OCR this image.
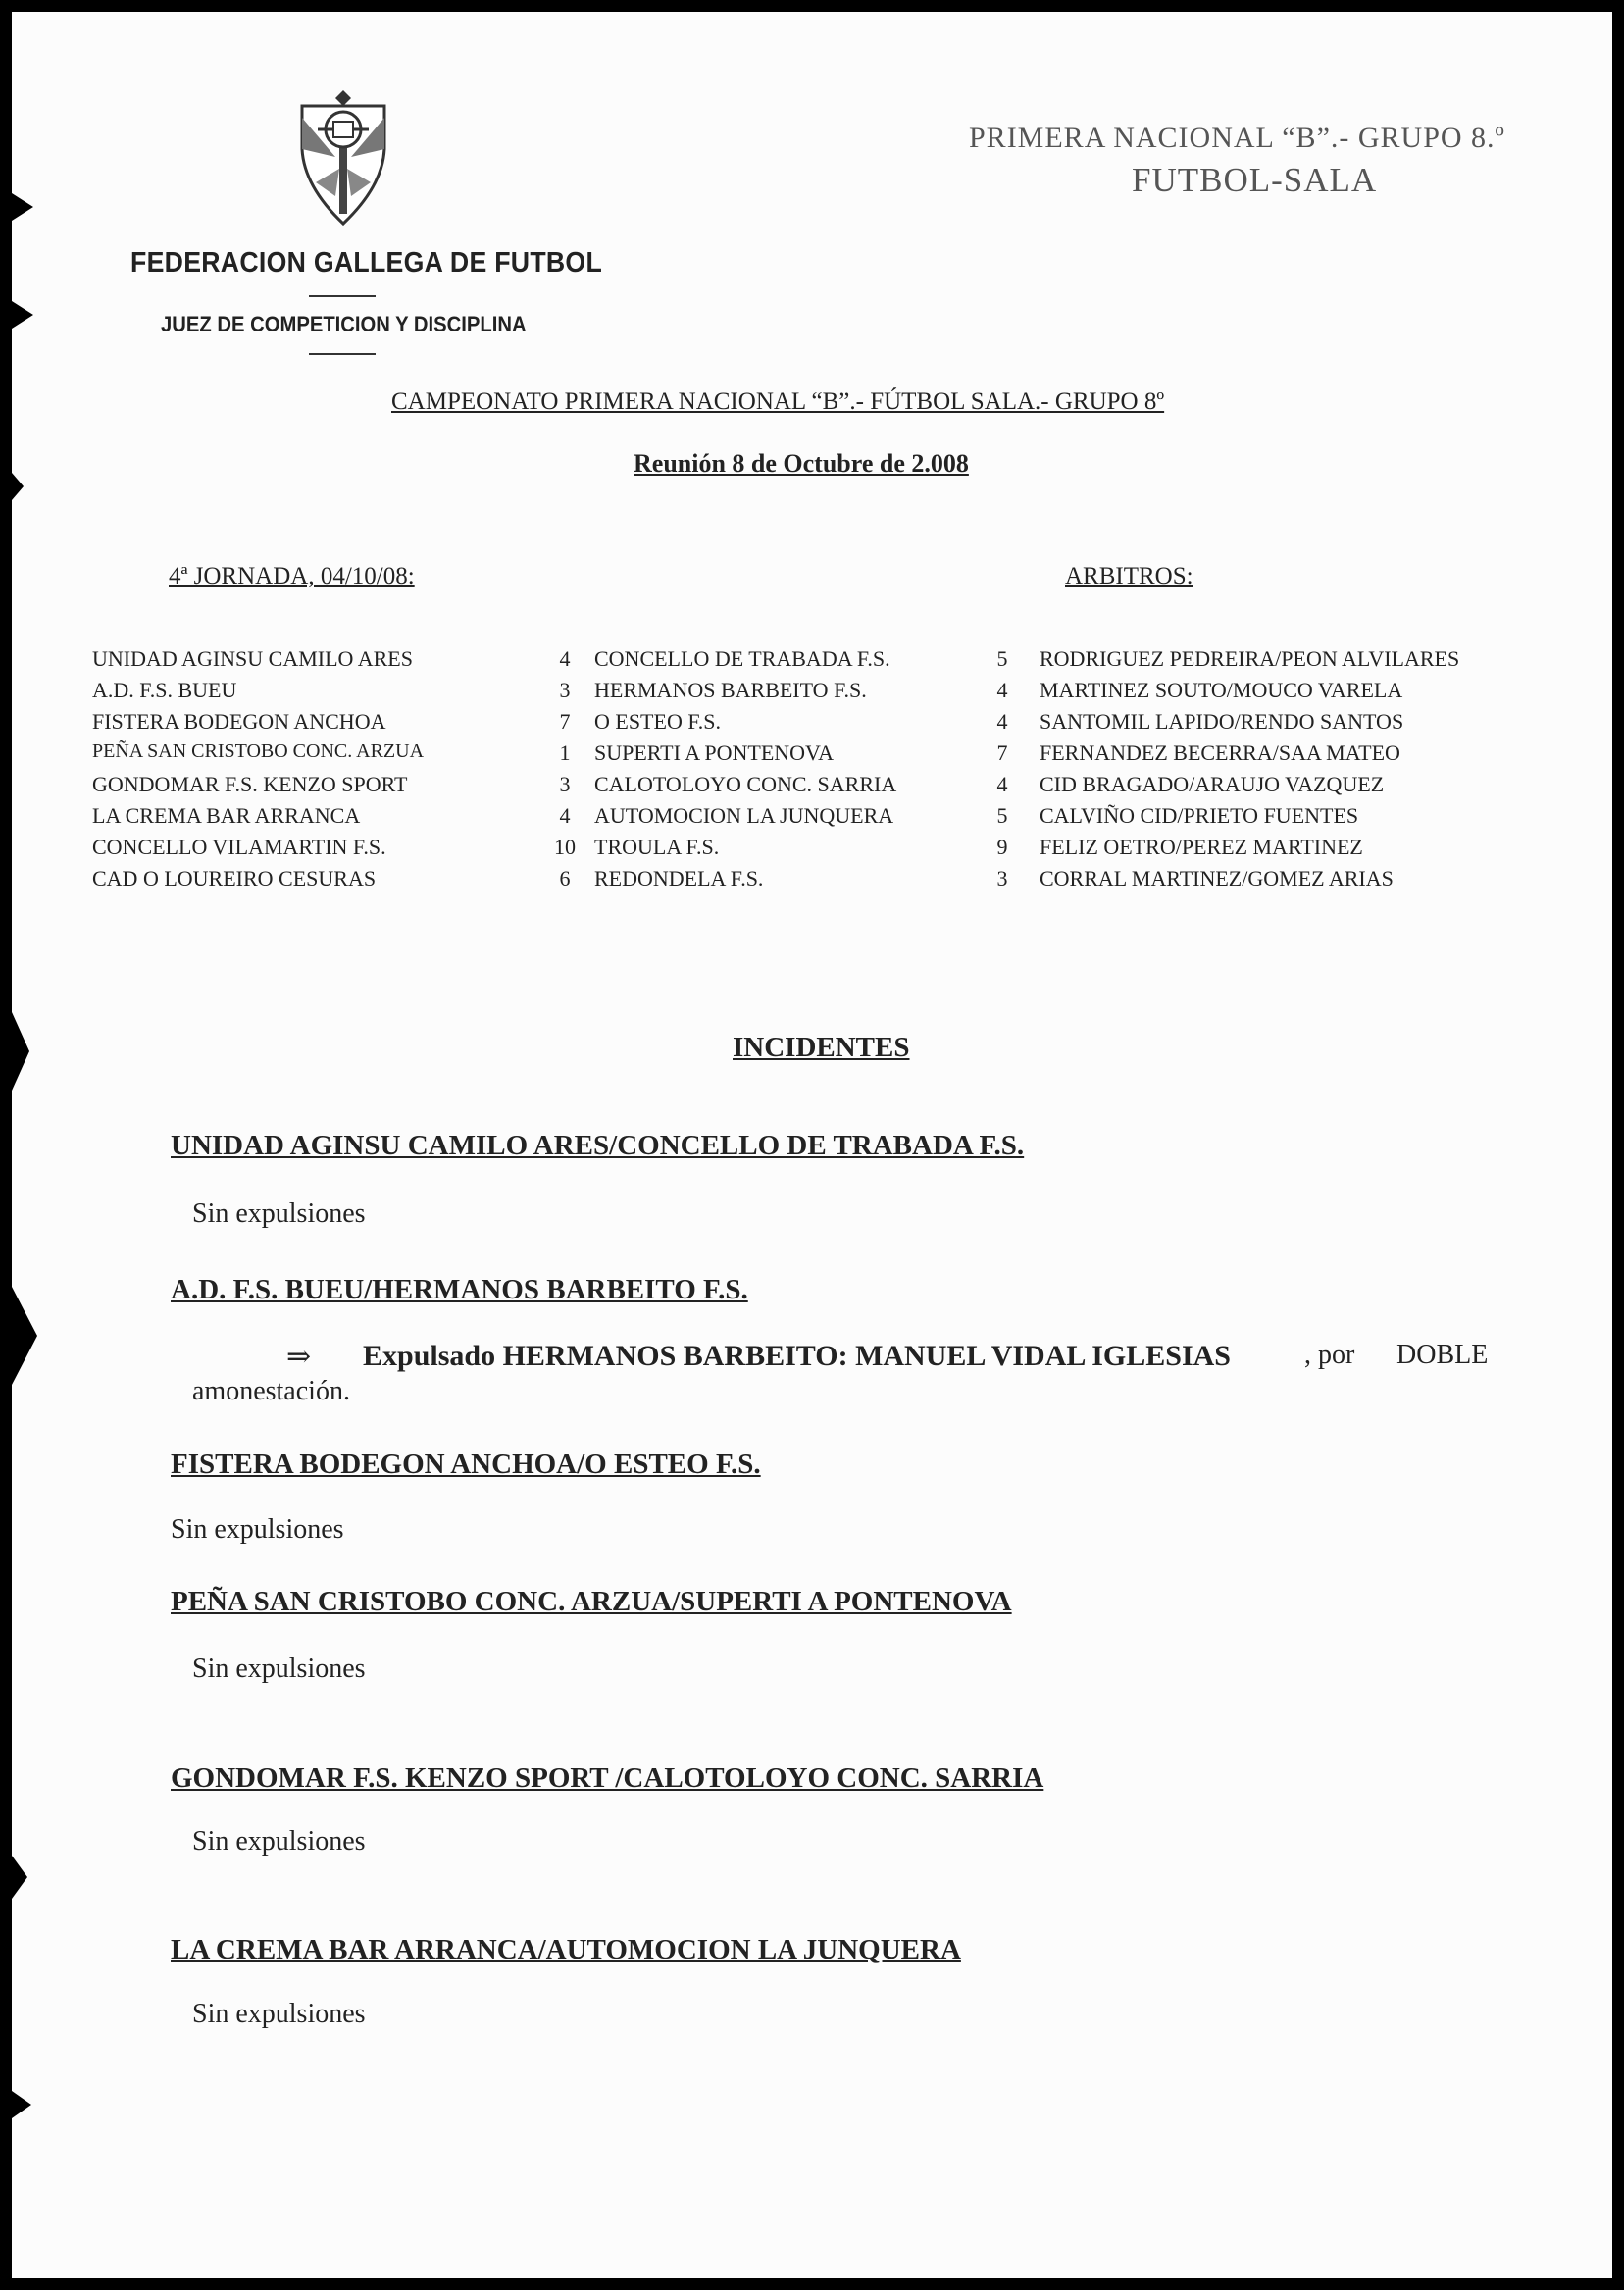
FEDERACION GALLEGA DE FUTBOL
JUEZ DE COMPETICION Y DISCIPLINA
PRIMERA NACIONAL “B”.- GRUPO 8.º
FUTBOL-SALA
CAMPEONATO PRIMERA NACIONAL “B”.- FÚTBOL SALA.- GRUPO 8º
Reunión 8 de Octubre de 2.008
4ª JORNADA, 04/10/08:	ARBITROS:
UNIDAD AGINSU CAMILO ARES	4	CONCELLO DE TRABADA F.S.	5	RODRIGUEZ PEDREIRA/PEON ALVILARES
A.D. F.S. BUEU	3	HERMANOS BARBEITO F.S.	4	MARTINEZ SOUTO/MOUCO VARELA
FISTERA BODEGON ANCHOA	7	O ESTEO F.S.	4	SANTOMIL LAPIDO/RENDO SANTOS
PEÑA SAN CRISTOBO CONC. ARZUA	1	SUPERTI A PONTENOVA	7	FERNANDEZ BECERRA/SAA MATEO
GONDOMAR F.S. KENZO SPORT	3	CALOTOLOYO CONC. SARRIA	4	CID BRAGADO/ARAUJO VAZQUEZ
LA CREMA BAR ARRANCA	4	AUTOMOCION LA JUNQUERA	5	CALVIÑO CID/PRIETO FUENTES
CONCELLO VILAMARTIN F.S.	10 TROULA F.S.	9	FELIZ OETRO/PEREZ MARTINEZ
CAD O LOUREIRO CESURAS	6	REDONDELA F.S.	3	CORRAL MARTINEZ/GOMEZ ARIAS
INCIDENTES
UNIDAD AGINSU CAMILO ARES/CONCELLO DE TRABADA F.S.
Sin expulsiones
A.D. F.S. BUEU/HERMANOS BARBEITO F.S.
⇒ Expulsado HERMANOS BARBEITO: MANUEL VIDAL IGLESIAS	, por DOBLE
amonestación.
FISTERA BODEGON ANCHOA/O ESTEO F.S.
Sin expulsiones
PEÑA SAN CRISTOBO CONC. ARZUA/SUPERTI A PONTENOVA
Sin expulsiones
GONDOMAR F.S. KENZO SPORT /CALOTOLOYO CONC. SARRIA
Sin expulsiones
LA CREMA BAR ARRANCA/AUTOMOCION LA JUNQUERA
Sin expulsiones
